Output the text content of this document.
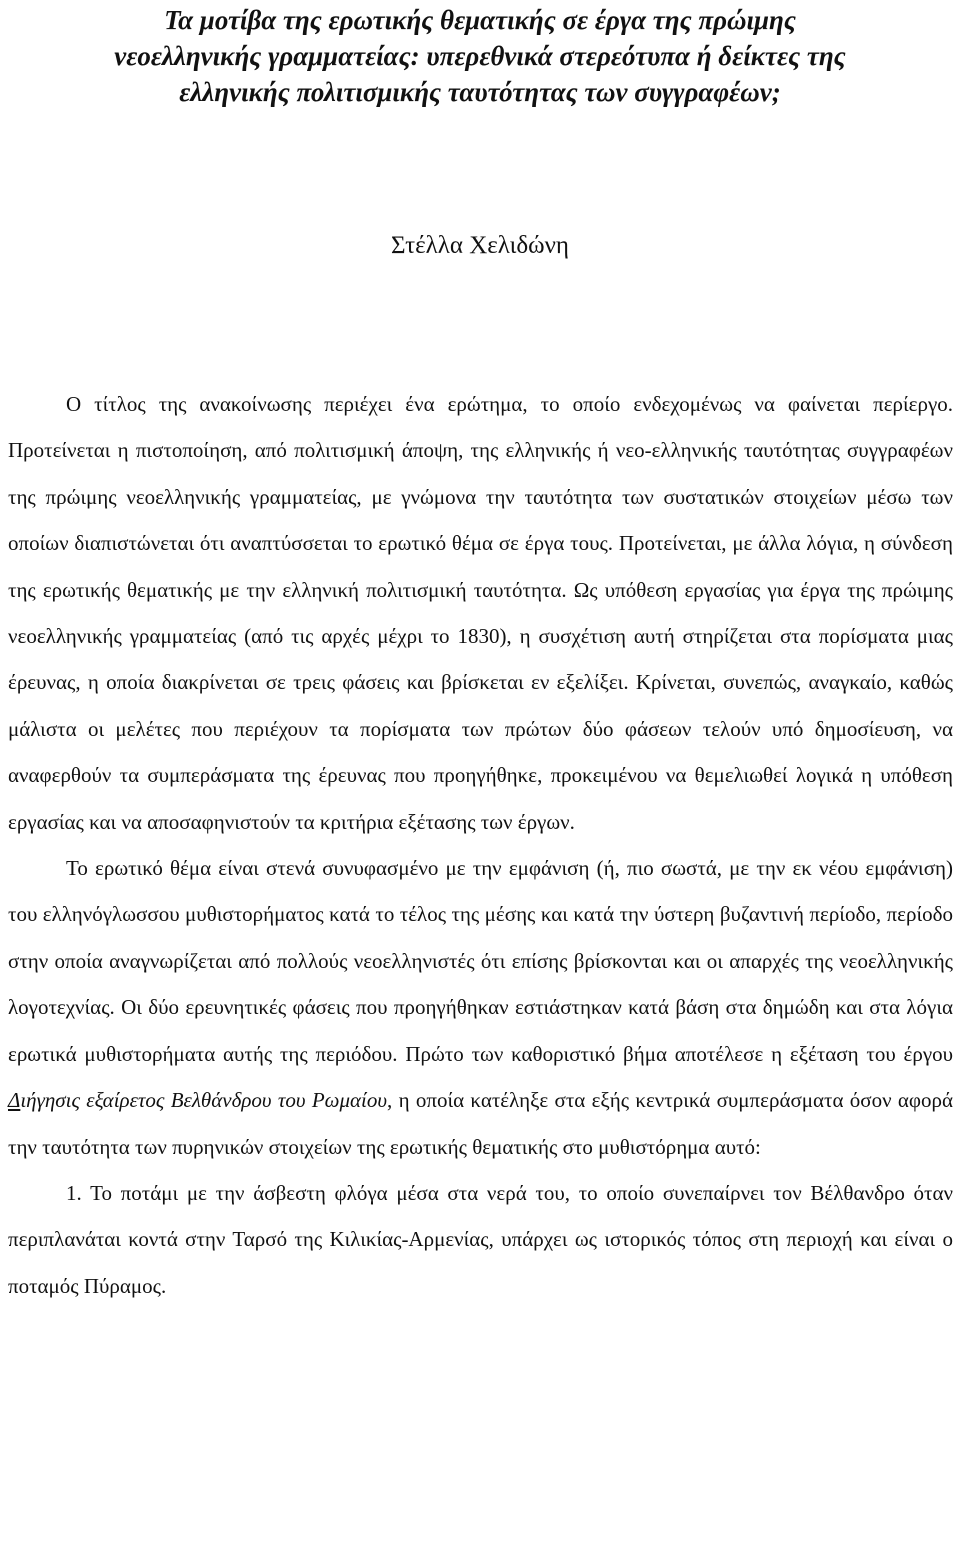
Τα μοτίβα της ερωτικής θεματικής σε έργα της πρώιμης
νεοελληνικής γραμματείας: υπερεθνικά στερεότυπα ή δείκτες της
ελληνικής πολιτισμικής ταυτότητας των συγγραφέων;
Στέλλα Χελιδώνη

Ο τίτλος της ανακοίνωσης περιέχει ένα ερώτημα, το οποίο ενδεχομένως να φαίνεται περίεργο. Προτείνεται η πιστοποίηση, από πολιτισμική άποψη, της ελληνικής ή νεο-ελληνικής ταυτότητας συγγραφέων της πρώιμης νεοελληνικής γραμματείας, με γνώμονα την ταυτότητα των συστατικών στοιχείων μέσω των οποίων διαπιστώνεται ότι αναπτύσσεται το ερωτικό θέμα σε έργα τους. Προτείνεται, με άλλα λόγια, η σύνδεση της ερωτικής θεματικής με την ελληνική πολιτισμική ταυτότητα. Ως υπόθεση εργασίας για έργα της πρώιμης νεοελληνικής γραμματείας (από τις αρχές μέχρι το 1830), η συσχέτιση αυτή στηρίζεται στα πορίσματα μιας έρευνας, η οποία διακρίνεται σε τρεις φάσεις και βρίσκεται εν εξελίξει. Κρίνεται, συνεπώς, αναγκαίο, καθώς μάλιστα οι μελέτες που περιέχουν τα πορίσματα των πρώτων δύο φάσεων τελούν υπό δημοσίευση, να αναφερθούν τα συμπεράσματα της έρευνας που προηγήθηκε, προκειμένου να θεμελιωθεί λογικά η υπόθεση εργασίας και να αποσαφηνιστούν τα κριτήρια εξέτασης των έργων.

Το ερωτικό θέμα είναι στενά συνυφασμένο με την εμφάνιση (ή, πιο σωστά, με την εκ νέου εμφάνιση) του ελληνόγλωσσου μυθιστορήματος κατά το τέλος της μέσης και κατά την ύστερη βυζαντινή περίοδο, περίοδο στην οποία αναγνωρίζεται από πολλούς νεοελληνιστές ότι επίσης βρίσκονται και οι απαρχές της νεοελληνικής λογοτεχνίας. Οι δύο ερευνητικές φάσεις που προηγήθηκαν εστιάστηκαν κατά βάση στα δημώδη και στα λόγια ερωτικά μυθιστορήματα αυτής της περιόδου. Πρώτο των καθοριστικό βήμα αποτέλεσε η εξέταση του έργου Διήγησις εξαίρετος Βελθάνδρου του Ρωμαίου, η οποία κατέληξε στα εξής κεντρικά συμπεράσματα όσον αφορά την ταυτότητα των πυρηνικών στοιχείων της ερωτικής θεματικής στο μυθιστόρημα αυτό:

1. Το ποτάμι με την άσβεστη φλόγα μέσα στα νερά του, το οποίο συνεπαίρνει τον Βέλθανδρο όταν περιπλανάται κοντά στην Ταρσό της Κιλικίας-Αρμενίας, υπάρχει ως ιστορικός τόπος στη περιοχή και είναι ο ποταμός Πύραμος.
